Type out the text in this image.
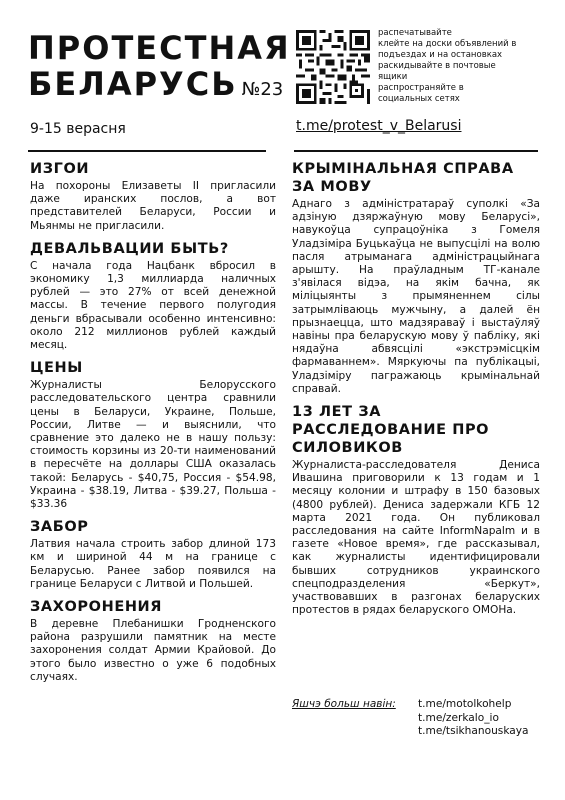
ПРОТЕСТНАЯ
БЕЛАРУСЬ №23
9-15 верасня
распечатывайте
клейте на доски объявлений в
подъездах и на остановках
раскидывайте в почтовые
ящики
распространяйте в
социальных сетях
t.me/protest_v_Belarusi
ИЗГОИ

На похороны Елизаветы II пригласили даже иранских послов, а вот представителей Беларуси, России и Мьянмы не пригласили.

ДЕВАЛЬВАЦИИ БЫТЬ?

С начала года Нацбанк вбросил в экономику 1,3 миллиарда наличных рублей — это 27% от всей денежной массы. В течение первого полугодия деньги вбрасывали особенно интенсивно: около 212 миллионов рублей каждый месяц.

ЦЕНЫ

Журналисты Белорусского расследовательского центра сравнили цены в Беларуси, Украине, Польше, России, Литве — и выяснили, что сравнение это далеко не в нашу пользу: стоимость корзины из 20-ти наименований в пересчёте на доллары США оказалась такой: Беларусь - $40,75, Россия - $54.98, Украина - $38.19, Литва - $39.27, Польша - $33.36

ЗАБОР

Латвия начала строить забор длиной 173 км и шириной 44 м на границе с Беларусью. Ранее забор появился на границе Беларуси с Литвой и Польшей.

ЗАХОРОНЕНИЯ

В деревне Плебанишки Гродненского района разрушили памятник на месте захоронения солдат Армии Крайовой. До этого было известно о уже 6 подобных случаях.

КРЫМІНАЛЬНАЯ СПРАВА ЗА МОВУ

Аднаго з адміністратараў суполкі «За адзіную дзяржаўную мову Беларусі», навукоўца супрацоўніка з Гомеля Уладзіміра Буцькаўца не выпусцілі на волю пасля атрыманага адміністрацыйнага арышту. На праўладным ТГ-канале з'явілася відэа, на якім бачна, як міліцыянты з прымяненнем сілы затрымліваюць мужчыну, а далей ён прызнаецца, што мадзяраваў і выстаўляў навіны пра беларускую мову ў пабліку, які нядаўна абвясцілі «экстрэмісцкім фармаваннем». Мяркуючы па публікацыі, Уладзіміру пагражаюць крымінальнай справай.

13 ЛЕТ ЗА РАССЛЕДОВАНИЕ ПРО СИЛОВИКОВ

Журналиста-расследователя Дениса Ивашина приговорили к 13 годам и 1 месяцу колонии и штрафу в 150 базовых (4800 рублей). Дениса задержали КГБ 12 марта 2021 года. Он публиковал расследования на сайте InformNapalm и в газете «Новое время», где рассказывал, как журналисты идентифицировали бывших сотрудников украинского спецподразделения «Беркут», участвовавших в разгонах беларуских протестов в рядах беларуского ОМОНа.

Яшчэ больш навін: t.me/motolkohelp
t.me/zerkalo_io
t.me/tsikhanouskaya
